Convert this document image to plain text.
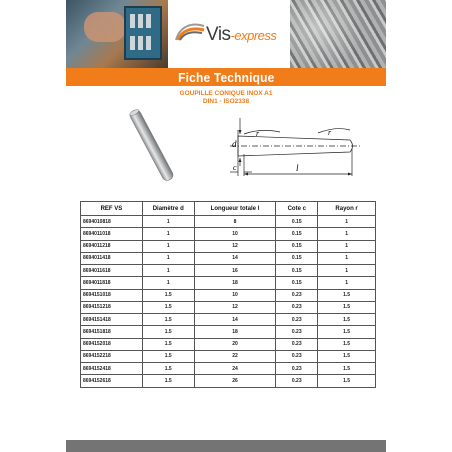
Vis-express
Fiche Technique
GOUPILLE CONIQUE INOX A1
DIN1 - ISO2338
d
c
r	r
l
REF VS	Diamètre d	Longueur totale l	Cote c	Rayon r
8694010818	1	8	0.15	1
8694011018	1	10	0.15	1
8694011218	1	12	0.15	1
8694011418	1	14	0.15	1
8694011618	1	16	0.15	1
8694011818	1	18	0.15	1
8694151018	1.5	10	0.23	1.5
8694151218	1.5	12	0.23	1.5
8694151418	1.5	14	0.23	1.5
8694151818	1.5	18	0.23	1.5
8694152018	1.5	20	0.23	1.5
8694152218	1.5	22	0.23	1.5
8694152418	1.5	24	0.23	1.5
8694152618	1.5	26	0.23	1.5
